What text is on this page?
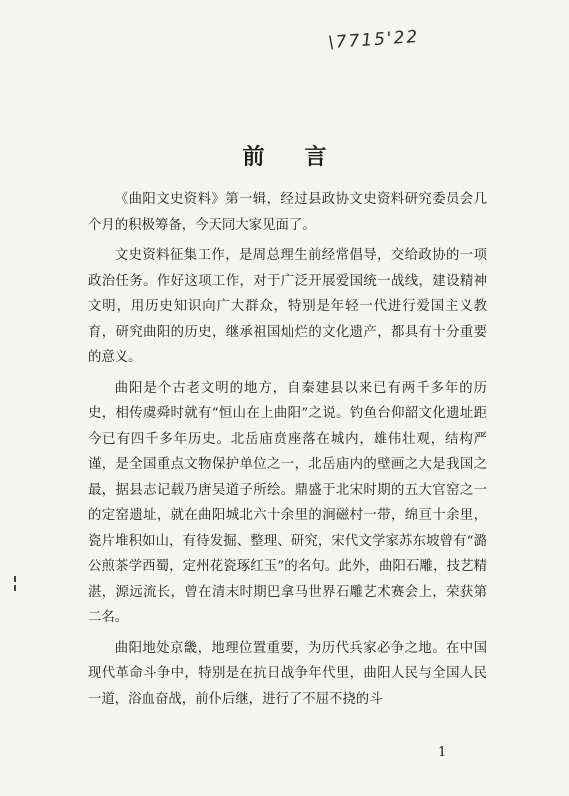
\7715'22
前言

《曲阳文史资料》第一辑，经过县政协文史资料研究委员会几个月的积极筹备，今天同大家见面了。

文史资料征集工作，是周总理生前经常倡导，交给政协的一项政治任务。作好这项工作，对于广泛开展爱国统一战线，建设精神文明，用历史知识向广大群众，特别是年轻一代进行爱国主义教育，研究曲阳的历史，继承祖国灿烂的文化遗产，都具有十分重要的意义。

曲阳是个古老文明的地方，自秦建县以来已有两千多年的历史，相传虞舜时就有“恒山在上曲阳”之说。钓鱼台仰韶文化遗址距今已有四千多年历史。北岳庙贲座落在城内，雄伟壮观，结构严谨，是全国重点文物保护单位之一，北岳庙内的壁画之大是我国之最，据县志记载乃唐吴道子所绘。鼎盛于北宋时期的五大官窑之一的定窑遗址，就在曲阳城北六十余里的涧磁村一带，绵亘十余里，瓷片堆积如山，有待发掘、整理、研究，宋代文学家苏东坡曾有“潞公煎茶学西蜀，定州花瓷琢红玉”的名句。此外，曲阳石雕，技艺精湛，源远流长，曾在清末时期巴拿马世界石雕艺术赛会上，荣获第二名。

曲阳地处京畿，地理位置重要，为历代兵家必争之地。在中国现代革命斗争中，特别是在抗日战争年代里，曲阳人民与全国人民一道，浴血奋战，前仆后继，进行了不屈不挠的斗

1
